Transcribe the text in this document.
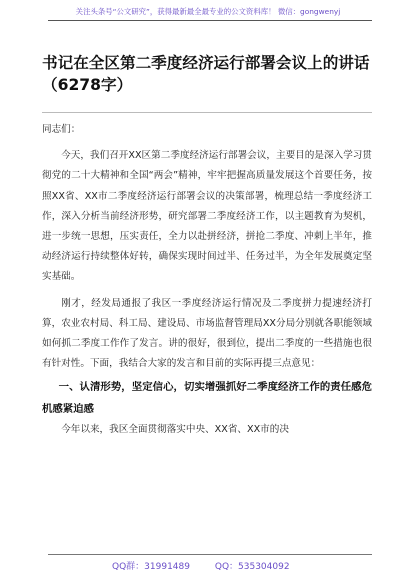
关注头条号“公文研究”，获得最新最全最专业的公文资料库！ 微信：gongwenyj
书记在全区第二季度经济运行部署会议上的讲话（6278字）

同志们：

今天，我们召开XX区第二季度经济运行部署会议，主要目的是深入学习贯彻党的二十大精神和全国“两会”精神，牢牢把握高质量发展这个首要任务，按照XX省、XX市二季度经济运行部署会议的决策部署，梳理总结一季度经济工作，深入分析当前经济形势，研究部署二季度经济工作，以主题教育为契机，进一步统一思想，压实责任，全力以赴拼经济，拼抢二季度、冲刺上半年，推动经济运行持续整体好转，确保实现时间过半、任务过半，为全年发展奠定坚实基础。

刚才，经发局通报了我区一季度经济运行情况及二季度拼力提速经济打算，农业农村局、科工局、建设局、市场监督管理局XX分局分别就各职能领域如何抓二季度工作作了发言。讲的很好，很到位，提出二季度的一些措施也很有针对性。下面，我结合大家的发言和目前的实际再提三点意见：

一、认清形势，坚定信心，切实增强抓好二季度经济工作的责任感危机感紧迫感

今年以来，我区全面贯彻落实中央、XX省、XX市的决

QQ群：31991489	QQ：535304092
